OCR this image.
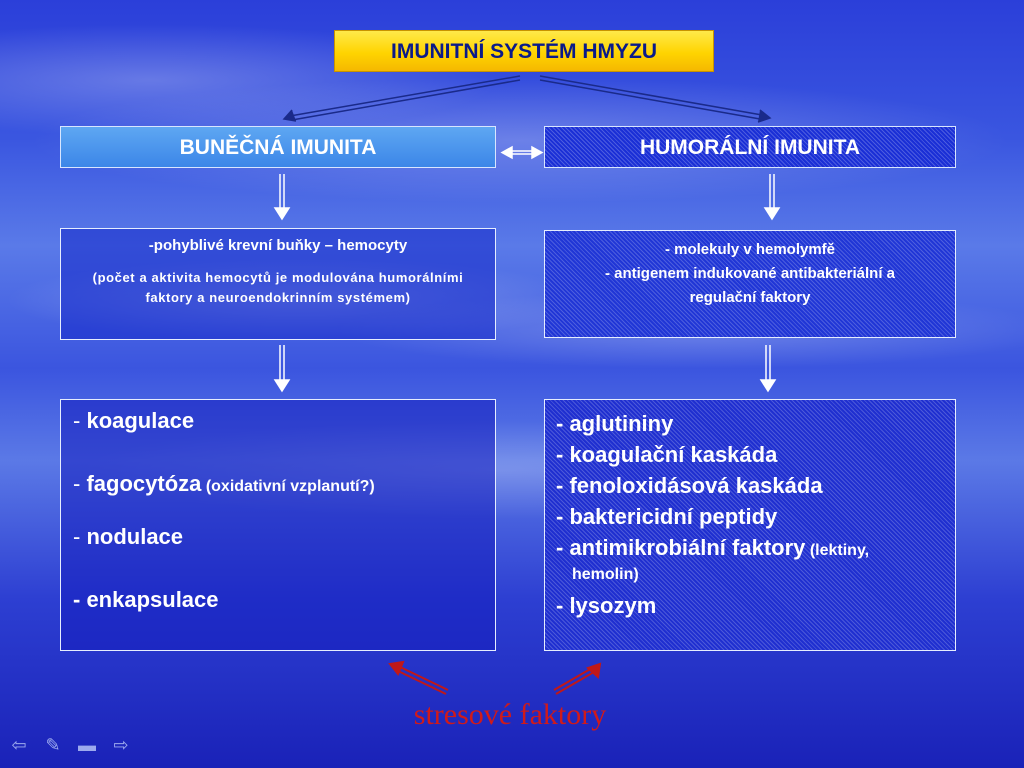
IMUNITNÍ SYSTÉM HMYZU
BUNĚČNÁ IMUNITA	HUMORÁLNÍ IMUNITA
-pohyblivé krevní buňky – hemocyty
(počet a aktivita hemocytů je modulována humorálními faktory a neuroendokrinním systémem)
- molekuly v hemolymfě
- antigenem indukované antibakteriální a
regulační faktory
- koagulace
- fagocytóza (oxidativní vzplanutí?)
- nodulace
- enkapsulace
- aglutininy
- koagulační kaskáda
- fenoloxidásová kaskáda
- baktericidní peptidy
- antimikrobiální faktory (lektiny,
hemolin)
- lysozym
stresové faktory
⇦ ✎ ▬ ⇨
